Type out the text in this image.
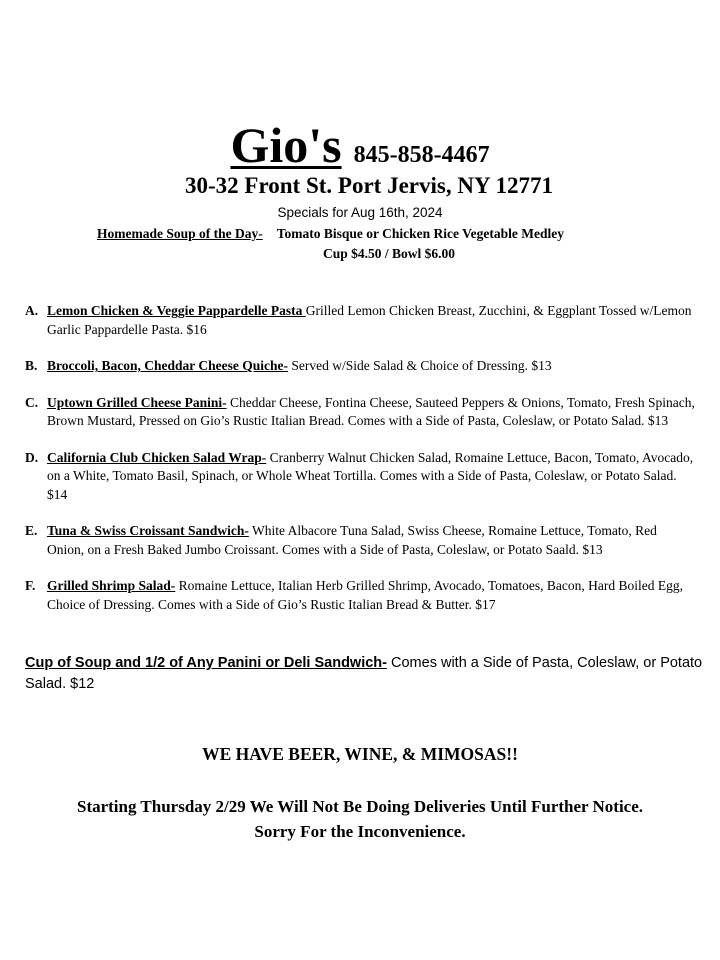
Gio's 845-858-4467
30-32 Front St. Port Jervis, NY 12771
Specials for Aug 16th, 2024
Homemade Soup of the Day- Tomato Bisque or Chicken Rice Vegetable Medley
Cup $4.50 / Bowl $6.00
A. Lemon Chicken & Veggie Pappardelle Pasta Grilled Lemon Chicken Breast, Zucchini, & Eggplant Tossed w/Lemon Garlic Pappardelle Pasta. $16
B. Broccoli, Bacon, Cheddar Cheese Quiche- Served w/Side Salad & Choice of Dressing. $13
C. Uptown Grilled Cheese Panini- Cheddar Cheese, Fontina Cheese, Sauteed Peppers & Onions, Tomato, Fresh Spinach, Brown Mustard, Pressed on Gio’s Rustic Italian Bread. Comes with a Side of Pasta, Coleslaw, or Potato Salad. $13
D. California Club Chicken Salad Wrap- Cranberry Walnut Chicken Salad, Romaine Lettuce, Bacon, Tomato, Avocado, on a White, Tomato Basil, Spinach, or Whole Wheat Tortilla. Comes with a Side of Pasta, Coleslaw, or Potato Salad. $14
E. Tuna & Swiss Croissant Sandwich- White Albacore Tuna Salad, Swiss Cheese, Romaine Lettuce, Tomato, Red Onion, on a Fresh Baked Jumbo Croissant. Comes with a Side of Pasta, Coleslaw, or Potato Saald. $13
F. Grilled Shrimp Salad- Romaine Lettuce, Italian Herb Grilled Shrimp, Avocado, Tomatoes, Bacon, Hard Boiled Egg, Choice of Dressing. Comes with a Side of Gio’s Rustic Italian Bread & Butter. $17
Cup of Soup and 1/2 of Any Panini or Deli Sandwich- Comes with a Side of Pasta, Coleslaw, or Potato Salad. $12
WE HAVE BEER, WINE, & MIMOSAS!!
Starting Thursday 2/29 We Will Not Be Doing Deliveries Until Further Notice.
Sorry For the Inconvenience.
